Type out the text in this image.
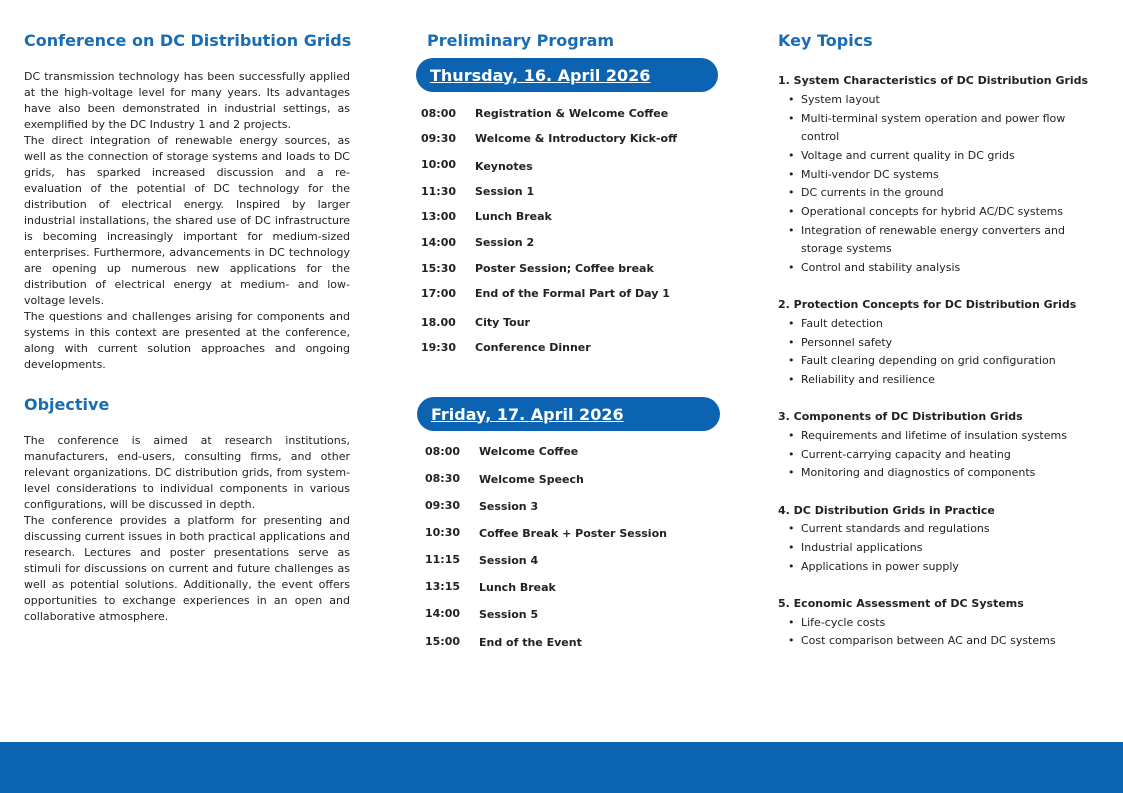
Conference on DC Distribution Grids

DC transmission technology has been successfully applied at the high-voltage level for many years. Its advantages have also been demonstrated in industrial settings, as exemplified by the DC Industry 1 and 2 projects.

The direct integration of renewable energy sources, as well as the connection of storage systems and loads to DC grids, has sparked increased discussion and a re-evaluation of the potential of DC technology for the distribution of electrical energy. Inspired by larger industrial installations, the shared use of DC infrastructure is becoming increasingly important for medium-sized enterprises. Furthermore, advancements in DC technology are opening up numerous new applications for the distribution of electrical energy at medium- and low-voltage levels.

The questions and challenges arising for components and systems in this context are presented at the conference, along with current solution approaches and ongoing developments.

Objective

The conference is aimed at research institutions, manufacturers, end-users, consulting firms, and other relevant organizations. DC distribution grids, from system-level considerations to individual components in various configurations, will be discussed in depth.

The conference provides a platform for presenting and discussing current issues in both practical applications and research. Lectures and poster presentations serve as stimuli for discussions on current and future challenges as well as potential solutions. Additionally, the event offers opportunities to exchange experiences in an open and collaborative atmosphere.

Preliminary Program
Thursday, 16. April 2026
08:00 Registration & Welcome Coffee
09:30 Welcome & Introductory Kick-off
10:00 Keynotes
11:30 Session 1
13:00 Lunch Break
14:00 Session 2
15:30 Poster Session; Coffee break
17:00 End of the Formal Part of Day 1
18.00 City Tour
19:30 Conference Dinner
Friday, 17. April 2026
08:00 Welcome Coffee
08:30 Welcome Speech
09:30 Session 3
10:30 Coffee Break + Poster Session
11:15 Session 4
13:15 Lunch Break
14:00 Session 5
15:00 End of the Event
Key Topics
1. System Characteristics of DC Distribution Grids
• System layout
• Multi-terminal system operation and power flow control
• Voltage and current quality in DC grids
• Multi-vendor DC systems
• DC currents in the ground
• Operational concepts for hybrid AC/DC systems
• Integration of renewable energy converters and storage systems
• Control and stability analysis
2. Protection Concepts for DC Distribution Grids
• Fault detection
• Personnel safety
• Fault clearing depending on grid configuration
• Reliability and resilience
3. Components of DC Distribution Grids
• Requirements and lifetime of insulation systems
• Current-carrying capacity and heating
• Monitoring and diagnostics of components
4. DC Distribution Grids in Practice
• Current standards and regulations
• Industrial applications
• Applications in power supply
5. Economic Assessment of DC Systems
• Life-cycle costs
• Cost comparison between AC and DC systems
